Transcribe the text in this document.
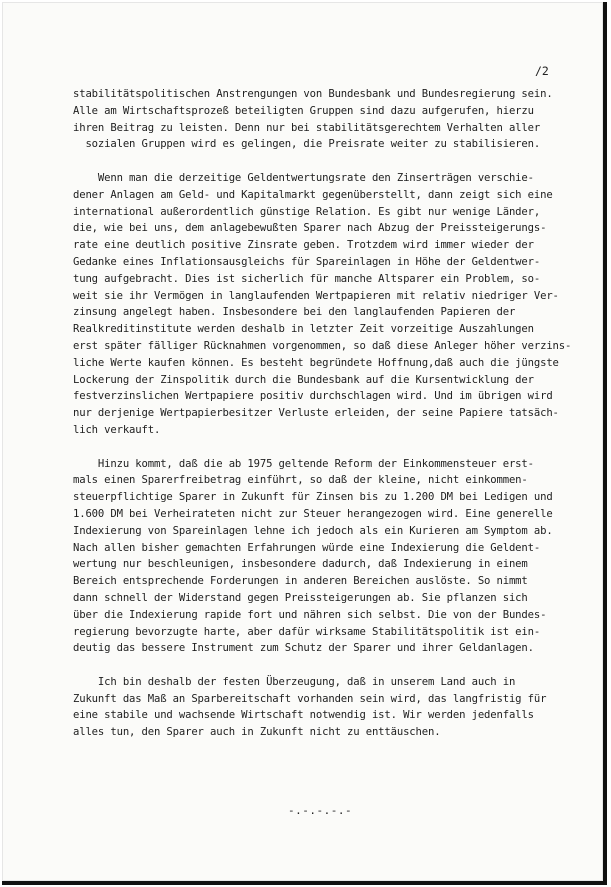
/2
stabilitätspolitischen Anstrengungen von Bundesbank und Bundesregierung sein.
Alle am Wirtschaftsprozeß beteiligten Gruppen sind dazu aufgerufen, hierzu
ihren Beitrag zu leisten. Denn nur bei stabilitätsgerechtem Verhalten aller
sozialen Gruppen wird es gelingen, die Preisrate weiter zu stabilisieren.
Wenn man die derzeitige Geldentwertungsrate den Zinserträgen verschie-
dener Anlagen am Geld- und Kapitalmarkt gegenüberstellt, dann zeigt sich eine
international außerordentlich günstige Relation. Es gibt nur wenige Länder,
die, wie bei uns, dem anlagebewußten Sparer nach Abzug der Preissteigerungs-
rate eine deutlich positive Zinsrate geben. Trotzdem wird immer wieder der
Gedanke eines Inflationsausgleichs für Spareinlagen in Höhe der Geldentwer-
tung aufgebracht. Dies ist sicherlich für manche Altsparer ein Problem, so-
weit sie ihr Vermögen in langlaufenden Wertpapieren mit relativ niedriger Ver-
zinsung angelegt haben. Insbesondere bei den langlaufenden Papieren der
Realkreditinstitute werden deshalb in letzter Zeit vorzeitige Auszahlungen
erst später fälliger Rücknahmen vorgenommen, so daß diese Anleger höher verzins-
liche Werte kaufen können. Es besteht begründete Hoffnung,daß auch die jüngste
Lockerung der Zinspolitik durch die Bundesbank auf die Kursentwicklung der
festverzinslichen Wertpapiere positiv durchschlagen wird. Und im übrigen wird
nur derjenige Wertpapierbesitzer Verluste erleiden, der seine Papiere tatsäch-
lich verkauft.
Hinzu kommt, daß die ab 1975 geltende Reform der Einkommensteuer erst-
mals einen Sparerfreibetrag einführt, so daß der kleine, nicht einkommen-
steuerpflichtige Sparer in Zukunft für Zinsen bis zu 1.200 DM bei Ledigen und
1.600 DM bei Verheirateten nicht zur Steuer herangezogen wird. Eine generelle
Indexierung von Spareinlagen lehne ich jedoch als ein Kurieren am Symptom ab.
Nach allen bisher gemachten Erfahrungen würde eine Indexierung die Geldent-
wertung nur beschleunigen, insbesondere dadurch, daß Indexierung in einem
Bereich entsprechende Forderungen in anderen Bereichen auslöste. So nimmt
dann schnell der Widerstand gegen Preissteigerungen ab. Sie pflanzen sich
über die Indexierung rapide fort und nähren sich selbst. Die von der Bundes-
regierung bevorzugte harte, aber dafür wirksame Stabilitätspolitik ist ein-
deutig das bessere Instrument zum Schutz der Sparer und ihrer Geldanlagen.
Ich bin deshalb der festen Überzeugung, daß in unserem Land auch in
Zukunft das Maß an Sparbereitschaft vorhanden sein wird, das langfristig für
eine stabile und wachsende Wirtschaft notwendig ist. Wir werden jedenfalls
alles tun, den Sparer auch in Zukunft nicht zu enttäuschen.
-.-.-.-.-
